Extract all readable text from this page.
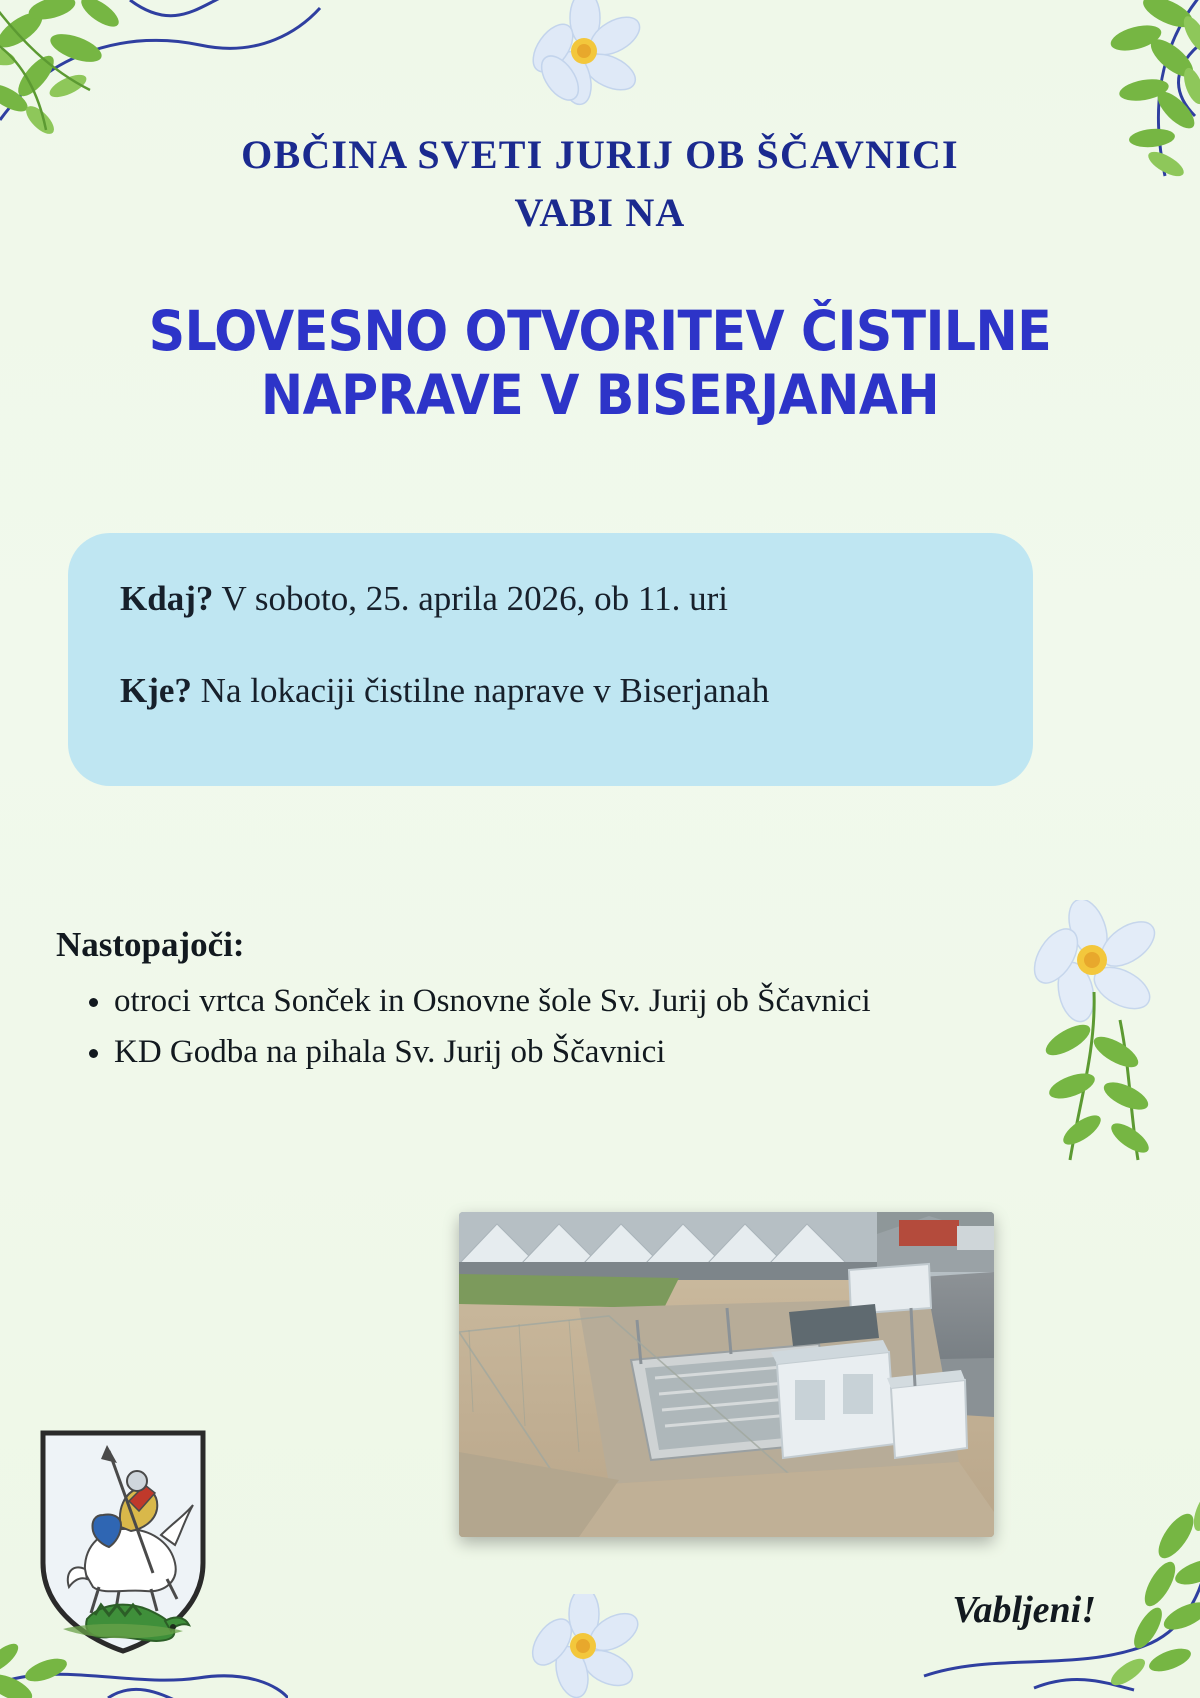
OBČINA SVETI JURIJ OB ŠČAVNICI
VABI NA
SLOVESNO OTVORITEV ČISTILNE
NAPRAVE V BISERJANAH
Kdaj? V soboto, 25. aprila 2026, ob 11. uri
Kje? Na lokaciji čistilne naprave v Biserjanah
Nastopajoči:
• otroci vrtca Sonček in Osnovne šole Sv. Jurij ob Ščavnici
• KD Godba na pihala Sv. Jurij ob Ščavnici
Vabljeni!
